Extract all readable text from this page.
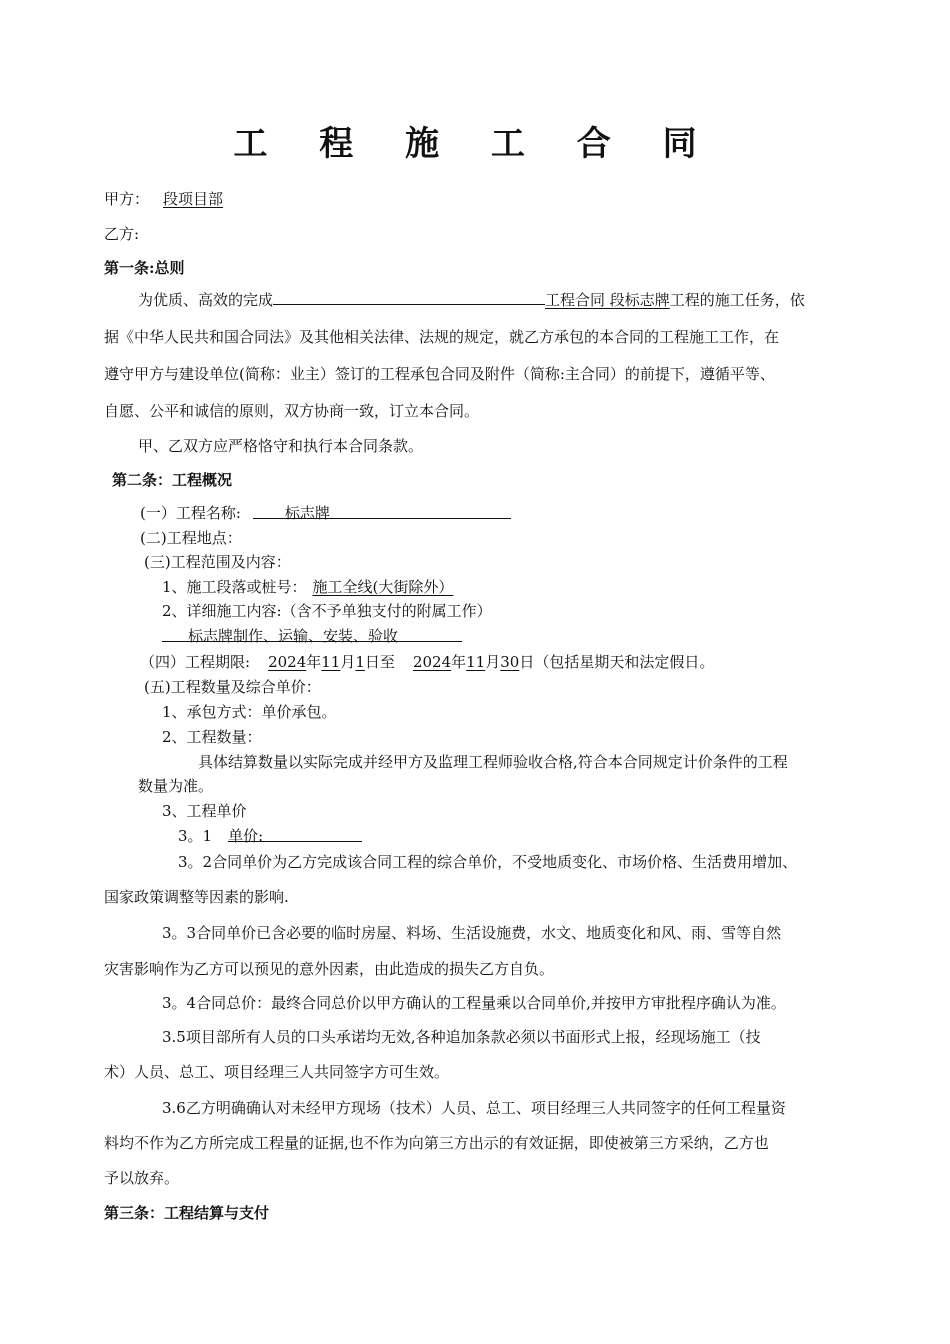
工 程 施 工 合 同
甲方： 段项目部
乙方:
第一条:总则
为优质、高效的完成	工程合同 段标志牌工程的施工任务，依
据《中华人民共和国合同法》及其他相关法律、法规的规定，就乙方承包的本合同的工程施工工作，在
遵守甲方与建设单位(简称：业主）签订的工程承包合同及附件（简称:主合同）的前提下，遵循平等、
自愿、公平和诚信的原则，双方协商一致，订立本合同。
甲、乙双方应严格恪守和执行本合同条款。
第二条：工程概况
(一）工程名称:	标志牌
(二)工程地点：
(三)工程范围及内容：
1、施工段落或桩号： 施工全线(大街除外）
2、详细施工内容:（含不予单独支付的附属工作）
标志牌制作、运输、安装、验收
（四）工程期限: 2024年11月1日至 2024年11月30日（包括星期天和法定假日。
(五)工程数量及综合单价：
1、承包方式：单价承包。
2、工程数量：
具体结算数量以实际完成并经甲方及监理工程师验收合格,符合本合同规定计价条件的工程
数量为准。
3、工程单价
3。1 单价:
3。2合同单价为乙方完成该合同工程的综合单价，不受地质变化、市场价格、生活费用增加、
国家政策调整等因素的影响.
3。3合同单价已含必要的临时房屋、料场、生活设施费，水文、地质变化和风、雨、雪等自然
灾害影响作为乙方可以预见的意外因素，由此造成的损失乙方自负。
3。4合同总价：最终合同总价以甲方确认的工程量乘以合同单价,并按甲方审批程序确认为准。
3.5项目部所有人员的口头承诺均无效,各种追加条款必须以书面形式上报，经现场施工（技
术）人员、总工、项目经理三人共同签字方可生效。
3.6乙方明确确认对未经甲方现场（技术）人员、总工、项目经理三人共同签字的任何工程量资
料均不作为乙方所完成工程量的证据,也不作为向第三方出示的有效证据，即使被第三方采纳，乙方也
予以放弃。
第三条：工程结算与支付
